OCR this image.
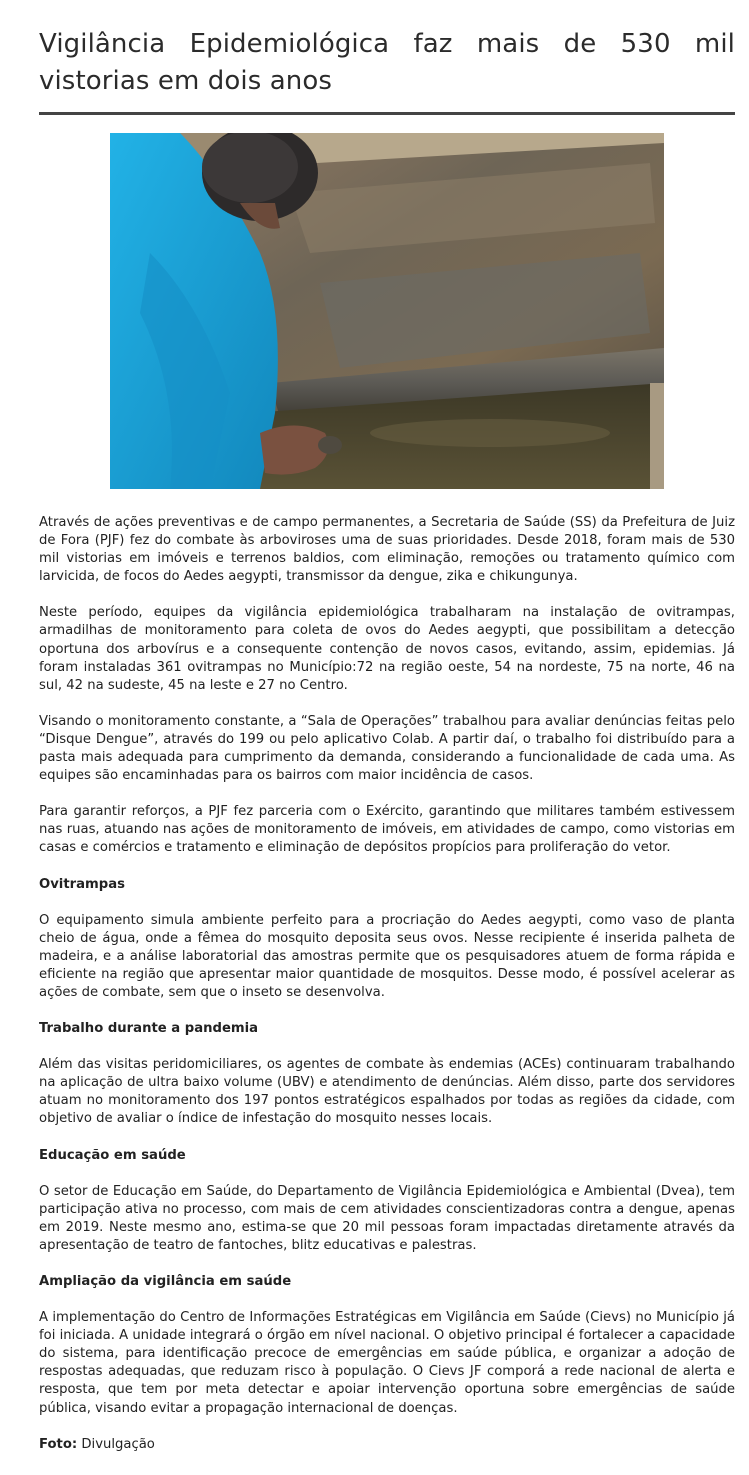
Vigilância Epidemiológica faz mais de 530 mil vistorias em dois anos

Através de ações preventivas e de campo permanentes, a Secretaria de Saúde (SS) da Prefeitura de Juiz de Fora (PJF) fez do combate às arboviroses uma de suas prioridades. Desde 2018, foram mais de 530 mil vistorias em imóveis e terrenos baldios, com eliminação, remoções ou tratamento químico com larvicida, de focos do Aedes aegypti, transmissor da dengue, zika e chikungunya.

Neste período, equipes da vigilância epidemiológica trabalharam na instalação de ovitrampas, armadilhas de monitoramento para coleta de ovos do Aedes aegypti, que possibilitam a detecção oportuna dos arbovírus e a consequente contenção de novos casos, evitando, assim, epidemias. Já foram instaladas 361 ovitrampas no Município:72 na região oeste, 54 na nordeste, 75 na norte, 46 na sul, 42 na sudeste, 45 na leste e 27 no Centro.

Visando o monitoramento constante, a “Sala de Operações” trabalhou para avaliar denúncias feitas pelo “Disque Dengue”, através do 199 ou pelo aplicativo Colab. A partir daí, o trabalho foi distribuído para a pasta mais adequada para cumprimento da demanda, considerando a funcionalidade de cada uma. As equipes são encaminhadas para os bairros com maior incidência de casos.

Para garantir reforços, a PJF fez parceria com o Exército, garantindo que militares também estivessem nas ruas, atuando nas ações de monitoramento de imóveis, em atividades de campo, como vistorias em casas e comércios e tratamento e eliminação de depósitos propícios para proliferação do vetor.

Ovitrampas

O equipamento simula ambiente perfeito para a procriação do Aedes aegypti, como vaso de planta cheio de água, onde a fêmea do mosquito deposita seus ovos. Nesse recipiente é inserida palheta de madeira, e a análise laboratorial das amostras permite que os pesquisadores atuem de forma rápida e eficiente na região que apresentar maior quantidade de mosquitos. Desse modo, é possível acelerar as ações de combate, sem que o inseto se desenvolva.

Trabalho durante a pandemia

Além das visitas peridomiciliares, os agentes de combate às endemias (ACEs) continuaram trabalhando na aplicação de ultra baixo volume (UBV) e atendimento de denúncias. Além disso, parte dos servidores atuam no monitoramento dos 197 pontos estratégicos espalhados por todas as regiões da cidade, com objetivo de avaliar o índice de infestação do mosquito nesses locais.

Educação em saúde

O setor de Educação em Saúde, do Departamento de Vigilância Epidemiológica e Ambiental (Dvea), tem participação ativa no processo, com mais de cem atividades conscientizadoras contra a dengue, apenas em 2019. Neste mesmo ano, estima-se que 20 mil pessoas foram impactadas diretamente através da apresentação de teatro de fantoches, blitz educativas e palestras.

Ampliação da vigilância em saúde

A implementação do Centro de Informações Estratégicas em Vigilância em Saúde (Cievs) no Município já foi iniciada. A unidade integrará o órgão em nível nacional. O objetivo principal é fortalecer a capacidade do sistema, para identificação precoce de emergências em saúde pública, e organizar a adoção de respostas adequadas, que reduzam risco à população. O Cievs JF comporá a rede nacional de alerta e resposta, que tem por meta detectar e apoiar intervenção oportuna sobre emergências de saúde pública, visando evitar a propagação internacional de doenças.

Foto: Divulgação
